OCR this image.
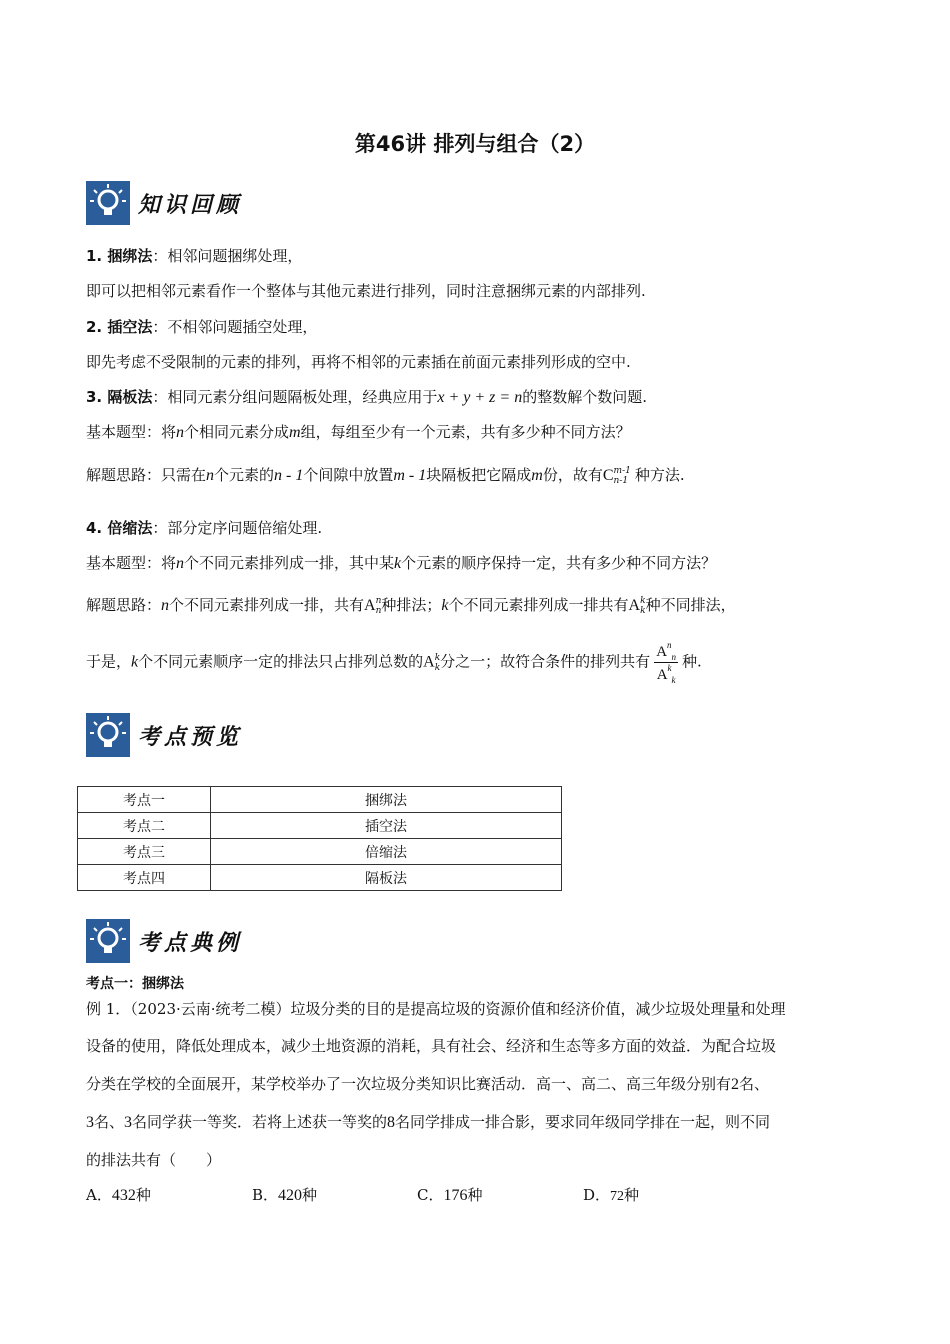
第46讲 排列与组合（2）
知识回顾
1. 捆绑法：相邻问题捆绑处理，
即可以把相邻元素看作一个整体与其他元素进行排列，同时注意捆绑元素的内部排列.
2. 插空法：不相邻问题插空处理，
即先考虑不受限制的元素的排列，再将不相邻的元素插在前面元素排列形成的空中.
3. 隔板法：相同元素分组问题隔板处理，经典应用于x + y + z = n的整数解个数问题.
基本题型：将n个相同元素分成m组，每组至少有一个元素，共有多少种不同方法？
解题思路：只需在n个元素的n - 1个间隙中放置m - 1块隔板把它隔成m份，故有C m-1
n-1 种方法.
4. 倍缩法：部分定序问题倍缩处理.
基本题型：将n个不同元素排列成一排，其中某k个元素的顺序保持一定，共有多少种不同方法？
解题思路：n个不同元素排列成一排，共有A n
n 种排法；k个不同元素排列成一排共有A k
k 种不同排法，
于是，k个不同元素顺序一定的排法只占排列总数的A k
k 分之一；故符合条件的排列共有 $\frac{A^n_n}{A^k_k}$ 种.
考点预览
考点一	捆绑法
考点二	插空法
考点三	倍缩法
考点四	隔板法
考点典例
考点一：捆绑法
例 1．（2023·云南·统考二模）垃圾分类的目的是提高垃圾的资源价值和经济价值，减少垃圾处理量和处理
设备的使用，降低处理成本，减少土地资源的消耗，具有社会、经济和生态等多方面的效益．为配合垃圾
分类在学校的全面展开，某学校举办了一次垃圾分类知识比赛活动．高一、高二、高三年级分别有2名、
3名、3名同学获一等奖．若将上述获一等奖的8名同学排成一排合影，要求同年级同学排在一起，则不同
的排法共有（　　）
A．432种	B．420种	C．176种	D．72种
